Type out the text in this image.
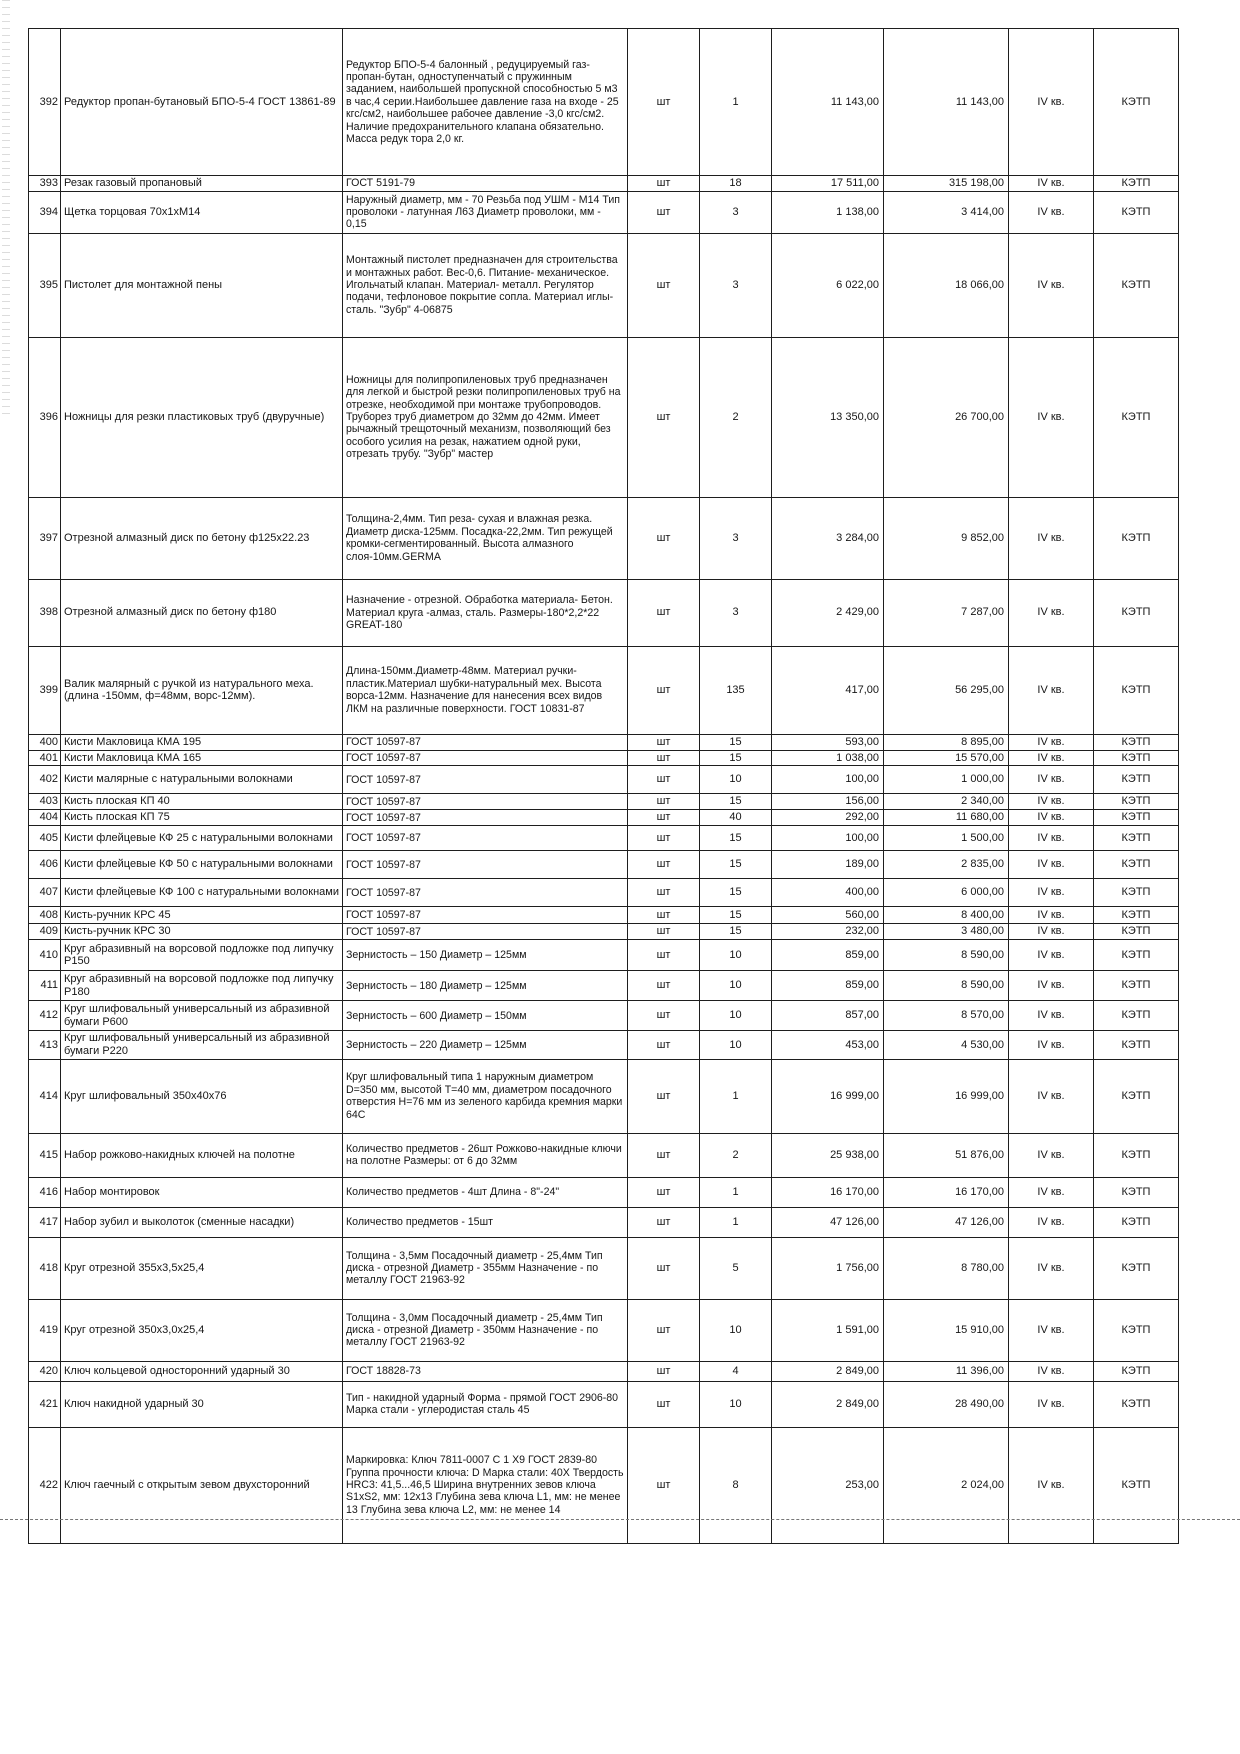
392	Редуктор пропан-бутановый БПО-5-4 ГОСТ 13861-89	Редуктор БПО-5-4 балонный , редуцируемый газ- пропан-бутан, одноступенчатый с пружинным заданием, наибольшей пропускной способностью 5 м3 в час,4 серии.Наибольшее давление газа на входе - 25 кгс/см2, наибольшее рабочее давление -3,0 кгс/см2. Наличие предохранительного клапана обязательно. Масса редук тора 2,0 кг.	шт	1	11 143,00	11 143,00	IV кв.	КЭТП
393	Резак газовый пропановый	ГОСТ 5191-79	шт	18	17 511,00	315 198,00	IV кв.	КЭТП
394	Щетка торцовая 70х1хМ14	Наружный диаметр, мм - 70 Резьба под УШМ - М14 Тип проволоки - латунная Л63 Диаметр проволоки, мм - 0,15	шт	3	1 138,00	3 414,00	IV кв.	КЭТП
395	Пистолет для монтажной пены	Монтажный пистолет предназначен для строительства и монтажных работ. Вес-0,6. Питание- механическое. Игольчатый клапан. Материал- металл. Регулятор подачи, тефлоновое покрытие сопла. Материал иглы- сталь. "Зубр" 4-06875	шт	3	6 022,00	18 066,00	IV кв.	КЭТП
396	Ножницы для резки пластиковых труб (двуручные)	Ножницы для полипропиленовых труб предназначен для легкой и быстрой резки полипропиленовых труб на отрезке, необходимой при монтаже трубопроводов. Труборез труб диаметром до 32мм до 42мм. Имеет рычажный трещоточный механизм, позволяющий без особого усилия на резак, нажатием одной руки, отрезать трубу. "Зубр" мастер	шт	2	13 350,00	26 700,00	IV кв.	КЭТП
397	Отрезной алмазный диск по бетону ф125х22.23	Толщина-2,4мм. Тип реза- сухая и влажная резка. Диаметр диска-125мм. Посадка-22,2мм. Тип режущей кромки-сегментированный. Высота алмазного слоя-10мм.GERMA	шт	3	3 284,00	9 852,00	IV кв.	КЭТП
398	Отрезной алмазный диск по бетону ф180	Назначение - отрезной. Обработка материала- Бетон. Материал круга -алмаз, сталь. Размеры-180*2,2*22 GREAT-180	шт	3	2 429,00	7 287,00	IV кв.	КЭТП
399	Валик малярный с ручкой из натурального меха. (длина -150мм, ф=48мм, ворс-12мм).	Длина-150мм.Диаметр-48мм. Материал ручки-пластик.Материал шубки-натуральный мех. Высота ворса-12мм. Назначение для нанесения всех видов ЛКМ на различные поверхности. ГОСТ 10831-87	шт	135	417,00	56 295,00	IV кв.	КЭТП
400	Кисти Макловица КМА 195	ГОСТ 10597-87	шт	15	593,00	8 895,00	IV кв.	КЭТП
401	Кисти Макловица КМА 165	ГОСТ 10597-87	шт	15	1 038,00	15 570,00	IV кв.	КЭТП
402	Кисти малярные с натуральными волокнами	ГОСТ 10597-87	шт	10	100,00	1 000,00	IV кв.	КЭТП
403	Кисть плоская КП 40	ГОСТ 10597-87	шт	15	156,00	2 340,00	IV кв.	КЭТП
404	Кисть плоская КП 75	ГОСТ 10597-87	шт	40	292,00	11 680,00	IV кв.	КЭТП
405	Кисти флейцевые КФ 25 с натуральными волокнами	ГОСТ 10597-87	шт	15	100,00	1 500,00	IV кв.	КЭТП
406	Кисти флейцевые КФ 50 с натуральными волокнами	ГОСТ 10597-87	шт	15	189,00	2 835,00	IV кв.	КЭТП
407	Кисти флейцевые КФ 100 с натуральными волокнами	ГОСТ 10597-87	шт	15	400,00	6 000,00	IV кв.	КЭТП
408	Кисть-ручник КРС 45	ГОСТ 10597-87	шт	15	560,00	8 400,00	IV кв.	КЭТП
409	Кисть-ручник КРС 30	ГОСТ 10597-87	шт	15	232,00	3 480,00	IV кв.	КЭТП
410	Круг абразивный на ворсовой подложке под липучку Р150	Зернистость – 150 Диаметр – 125мм	шт	10	859,00	8 590,00	IV кв.	КЭТП
411	Круг абразивный на ворсовой подложке под липучку Р180	Зернистость – 180 Диаметр – 125мм	шт	10	859,00	8 590,00	IV кв.	КЭТП
412	Круг шлифовальный универсальный из абразивной бумаги Р600	Зернистость – 600 Диаметр – 150мм	шт	10	857,00	8 570,00	IV кв.	КЭТП
413	Круг шлифовальный универсальный из абразивной бумаги Р220	Зернистость – 220 Диаметр – 125мм	шт	10	453,00	4 530,00	IV кв.	КЭТП
414	Круг шлифовальный 350х40х76	Круг шлифовальный типа 1 наружным диаметром D=350 мм, высотой T=40 мм, диаметром посадочного отверстия H=76 мм из зеленого карбида кремния марки 64С	шт	1	16 999,00	16 999,00	IV кв.	КЭТП
415	Набор рожково-накидных ключей на полотне	Количество предметов - 26шт Рожково-накидные ключи на полотне Размеры: от 6 до 32мм	шт	2	25 938,00	51 876,00	IV кв.	КЭТП
416	Набор монтировок	Количество предметов - 4шт Длина - 8"-24"	шт	1	16 170,00	16 170,00	IV кв.	КЭТП
417	Набор зубил и выколоток (сменные насадки)	Количество предметов - 15шт	шт	1	47 126,00	47 126,00	IV кв.	КЭТП
418	Круг отрезной 355х3,5х25,4	Толщина - 3,5мм Посадочный диаметр - 25,4мм Тип диска - отрезной Диаметр - 355мм Назначение - по металлу ГОСТ 21963-92	шт	5	1 756,00	8 780,00	IV кв.	КЭТП
419	Круг отрезной 350х3,0х25,4	Толщина - 3,0мм Посадочный диаметр - 25,4мм Тип диска - отрезной Диаметр - 350мм Назначение - по металлу ГОСТ 21963-92	шт	10	1 591,00	15 910,00	IV кв.	КЭТП
420	Ключ кольцевой односторонний ударный 30	ГОСТ 18828-73	шт	4	2 849,00	11 396,00	IV кв.	КЭТП
421	Ключ накидной ударный 30	Тип - накидной ударный Форма - прямой ГОСТ 2906-80 Марка стали - углеродистая сталь 45	шт	10	2 849,00	28 490,00	IV кв.	КЭТП
422	Ключ гаечный с открытым зевом двухсторонний	Маркировка: Ключ 7811-0007 С 1 Х9 ГОСТ 2839-80 Группа прочности ключа: D Марка стали: 40Х Твердость HRC3: 41,5...46,5 Ширина внутренних зевов ключа S1хS2, мм: 12х13 Глубина зева ключа L1, мм: не менее 13 Глубина зева ключа L2, мм: не менее 14	шт	8	253,00	2 024,00	IV кв.	КЭТП
